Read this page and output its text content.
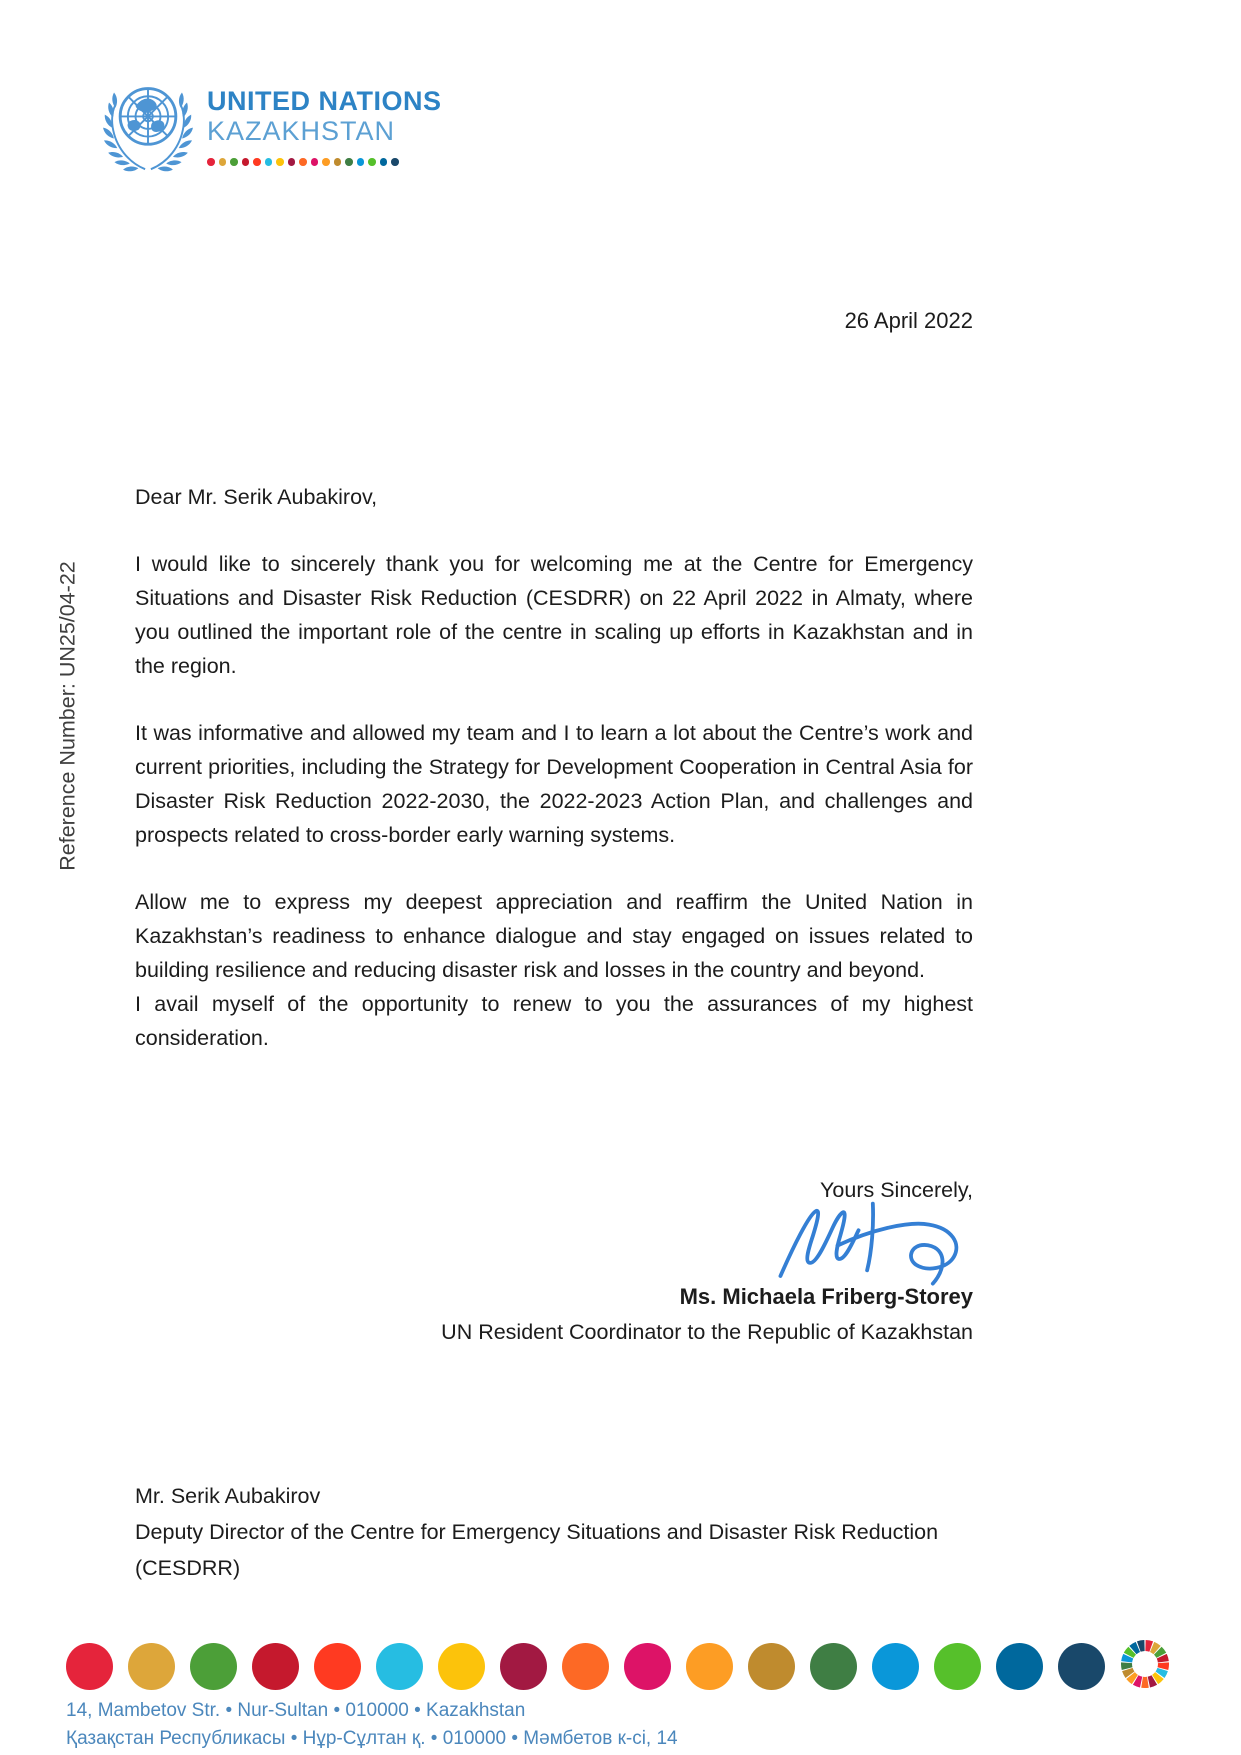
UNITED NATIONS
KAZAKHSTAN
26 April 2022
Reference Number: UN25/04-22
Dear Mr. Serik Aubakirov,
I would like to sincerely thank you for welcoming me at the Centre for Emergency Situations and Disaster Risk Reduction (CESDRR) on 22 April 2022 in Almaty, where you outlined the important role of the centre in scaling up efforts in Kazakhstan and in the region.
It was informative and allowed my team and I to learn a lot about the Centre’s work and current priorities, including the Strategy for Development Cooperation in Central Asia for Disaster Risk Reduction 2022-2030, the 2022-2023 Action Plan, and challenges and prospects related to cross-border early warning systems.
Allow me to express my deepest appreciation and reaffirm the United Nation in Kazakhstan’s readiness to enhance dialogue and stay engaged on issues related to building resilience and reducing disaster risk and losses in the country and beyond.
I avail myself of the opportunity to renew to you the assurances of my highest consideration.
Yours Sincerely,
Ms. Michaela Friberg-Storey
UN Resident Coordinator to the Republic of Kazakhstan
Mr. Serik Aubakirov
Deputy Director of the Centre for Emergency Situations and Disaster Risk Reduction
(CESDRR)
14, Mambetov Str. • Nur-Sultan • 010000 • Kazakhstan
Қазақстан Республикасы • Нұр-Сұлтан қ. • 010000 • Мәмбетов к-сі, 14
